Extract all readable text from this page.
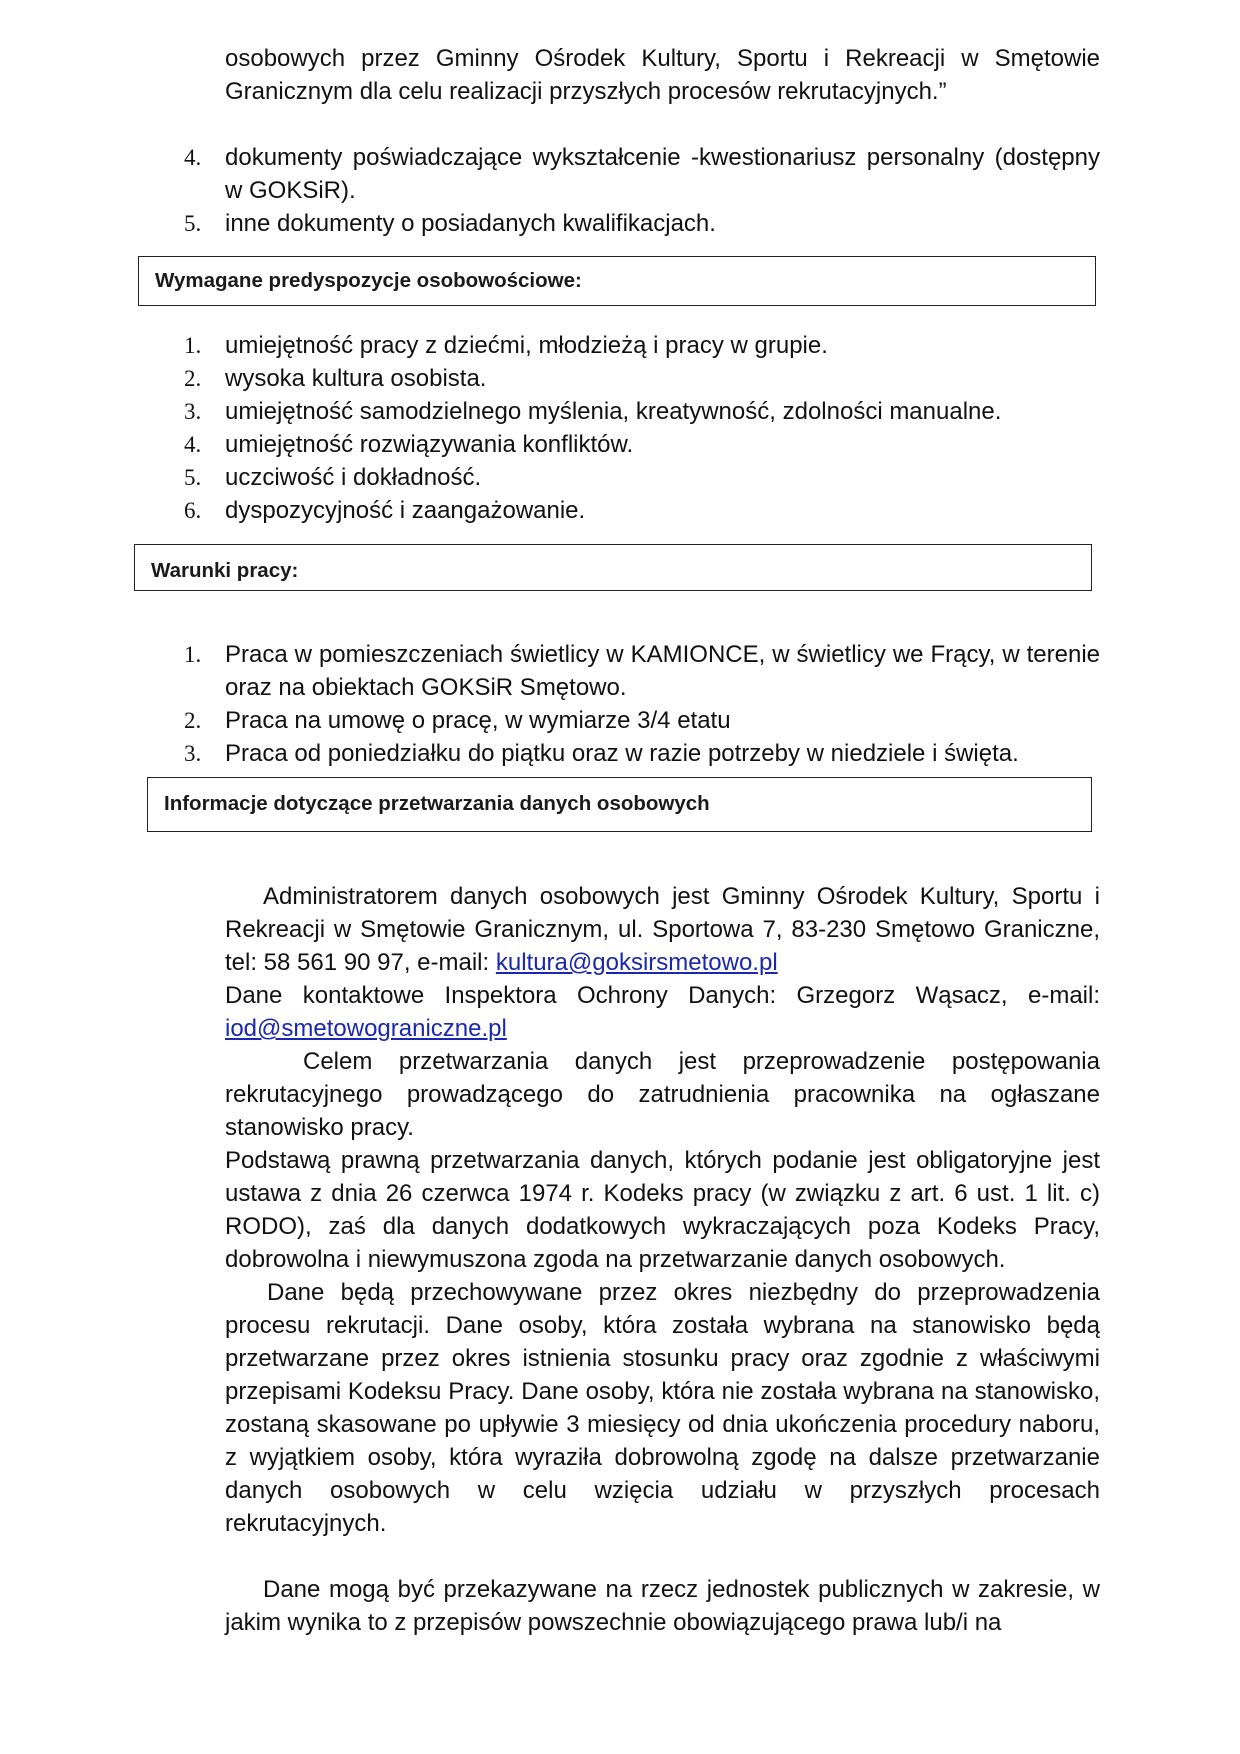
osobowych przez Gminny Ośrodek Kultury, Sportu i Rekreacji w Smętowie
Granicznym dla celu realizacji przyszłych procesów rekrutacyjnych.”
4. dokumenty poświadczające wykształcenie -kwestionariusz personalny (dostępny w GOKSiR).
5. inne dokumenty o posiadanych kwalifikacjach.
Wymagane predyspozycje osobowościowe:
1. umiejętność pracy z dziećmi, młodzieżą i pracy w grupie.
2. wysoka kultura osobista.
3. umiejętność samodzielnego myślenia, kreatywność, zdolności manualne.
4. umiejętność rozwiązywania konfliktów.
5. uczciwość i dokładność.
6. dyspozycyjność i zaangażowanie.
Warunki pracy:
1. Praca w pomieszczeniach świetlicy w KAMIONCE, w świetlicy we Frący, w terenie oraz na obiektach GOKSiR Smętowo.
2. Praca na umowę o pracę, w wymiarze 3/4 etatu
3. Praca od poniedziałku do piątku oraz w razie potrzeby w niedziele i święta.
Informacje dotyczące przetwarzania danych osobowych
Administratorem danych osobowych jest Gminny Ośrodek Kultury, Sportu i Rekreacji w Smętowie Granicznym, ul. Sportowa 7, 83-230 Smętowo Graniczne, tel: 58 561 90 97, e-mail: kultura@goksirsmetowo.pl
Dane kontaktowe Inspektora Ochrony Danych: Grzegorz Wąsacz, e-mail: iod@smetowograniczne.pl
Celem przetwarzania danych jest przeprowadzenie postępowania rekrutacyjnego prowadzącego do zatrudnienia pracownika na ogłaszane stanowisko pracy.
Podstawą prawną przetwarzania danych, których podanie jest obligatoryjne jest ustawa z dnia 26 czerwca 1974 r. Kodeks pracy (w związku z art. 6 ust. 1 lit. c) RODO), zaś dla danych dodatkowych wykraczających poza Kodeks Pracy, dobrowolna i niewymuszona zgoda na przetwarzanie danych osobowych.
Dane będą przechowywane przez okres niezbędny do przeprowadzenia procesu rekrutacji. Dane osoby, która została wybrana na stanowisko będą przetwarzane przez okres istnienia stosunku pracy oraz zgodnie z właściwymi przepisami Kodeksu Pracy. Dane osoby, która nie została wybrana na stanowisko, zostaną skasowane po upływie 3 miesięcy od dnia ukończenia procedury naboru, z wyjątkiem osoby, która wyraziła dobrowolną zgodę na dalsze przetwarzanie danych osobowych w celu wzięcia udziału w przyszłych procesach rekrutacyjnych.
Dane mogą być przekazywane na rzecz jednostek publicznych w zakresie, w jakim wynika to z przepisów powszechnie obowiązującego prawa lub/i na
